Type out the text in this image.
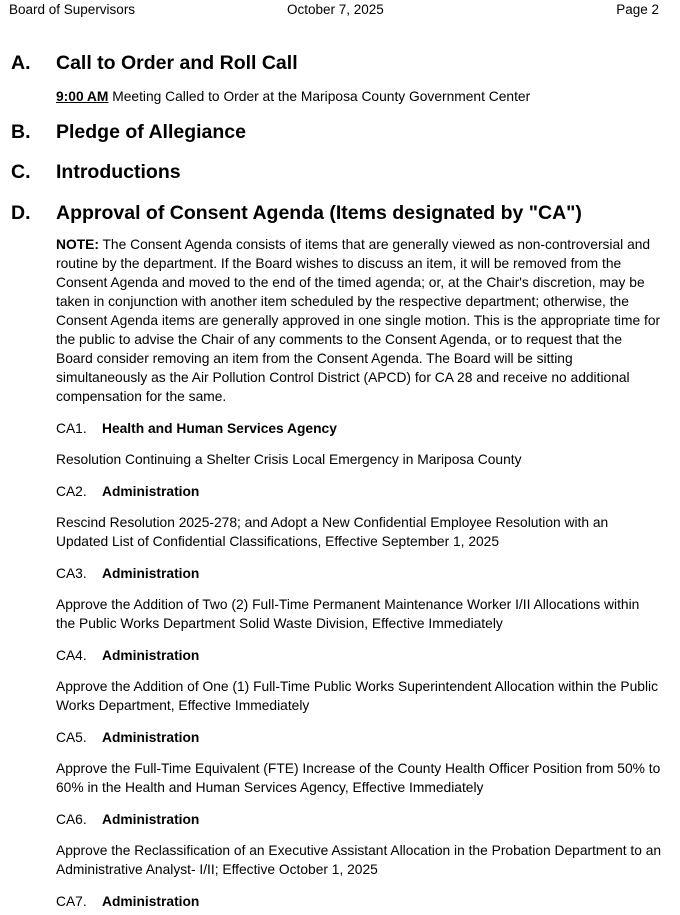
Board of Supervisors	October 7, 2025	Page 2
A. Call to Order and Roll Call
9:00 AM Meeting Called to Order at the Mariposa County Government Center
B. Pledge of Allegiance
C. Introductions
D. Approval of Consent Agenda (Items designated by "CA")
NOTE: The Consent Agenda consists of items that are generally viewed as non-controversial and routine by the department. If the Board wishes to discuss an item, it will be removed from the Consent Agenda and moved to the end of the timed agenda; or, at the Chair's discretion, may be taken in conjunction with another item scheduled by the respective department; otherwise, the Consent Agenda items are generally approved in one single motion. This is the appropriate time for the public to advise the Chair of any comments to the Consent Agenda, or to request that the Board consider removing an item from the Consent Agenda. The Board will be sitting simultaneously as the Air Pollution Control District (APCD) for CA 28 and receive no additional compensation for the same.
CA1. Health and Human Services Agency
Resolution Continuing a Shelter Crisis Local Emergency in Mariposa County
CA2. Administration
Rescind Resolution 2025-278; and Adopt a New Confidential Employee Resolution with an Updated List of Confidential Classifications, Effective September 1, 2025
CA3. Administration
Approve the Addition of Two (2) Full-Time Permanent Maintenance Worker I/II Allocations within the Public Works Department Solid Waste Division, Effective Immediately
CA4. Administration
Approve the Addition of One (1) Full-Time Public Works Superintendent Allocation within the Public Works Department, Effective Immediately
CA5. Administration
Approve the Full-Time Equivalent (FTE) Increase of the County Health Officer Position from 50% to 60% in the Health and Human Services Agency, Effective Immediately
CA6. Administration
Approve the Reclassification of an Executive Assistant Allocation in the Probation Department to an Administrative Analyst- I/II; Effective October 1, 2025
CA7. Administration
